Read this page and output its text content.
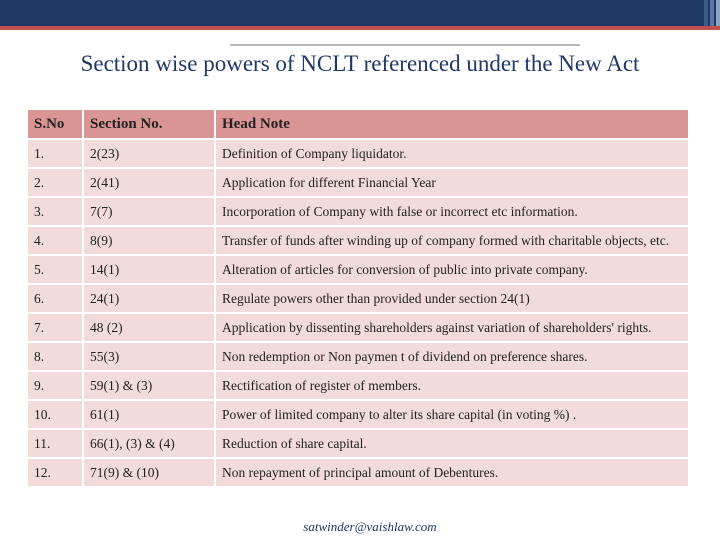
Section wise powers of NCLT referenced under the New Act
S.No	Section No.	Head Note
1.	2(23)	Definition of Company liquidator.
2.	2(41)	Application for different Financial Year
3.	7(7)	Incorporation of Company with false or incorrect etc information.
4.	8(9)	Transfer of funds after winding up of company formed with charitable objects, etc.
5.	14(1)	Alteration of articles for conversion of public into private company.
6.	24(1)	Regulate powers other than provided under section 24(1)
7.	48 (2)	Application by dissenting shareholders against variation of shareholders' rights.
8.	55(3)	Non redemption or Non paymen t of dividend on preference shares.
9.	59(1) & (3)	Rectification of register of members.
10.	61(1)	Power of limited company to alter its share capital (in voting %) .
11.	66(1), (3) & (4)	Reduction of share capital.
12.	71(9) & (10)	Non repayment of principal amount of Debentures.
satwinder@vaishlaw.com
